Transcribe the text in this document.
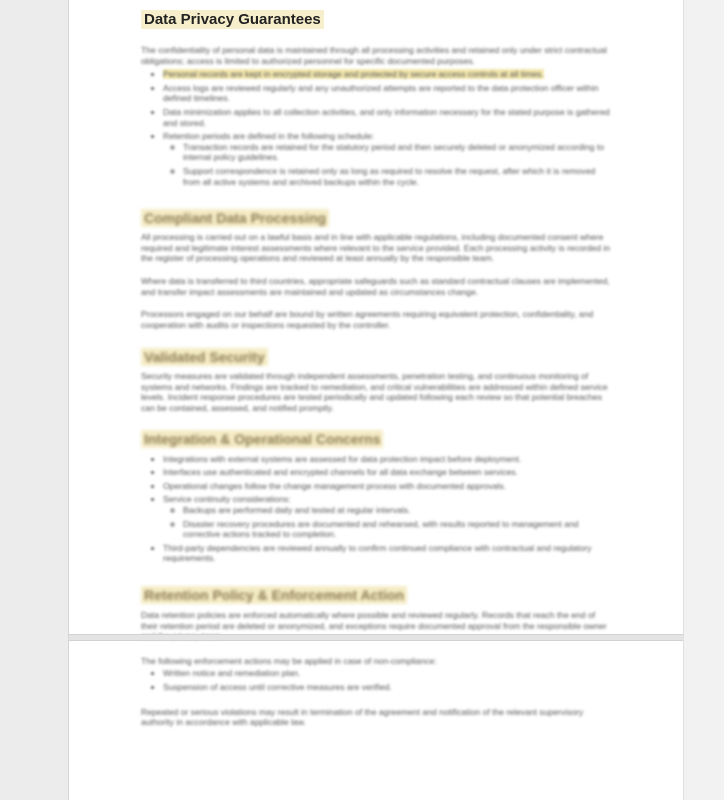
Data Privacy Guarantees

The confidentiality of personal data is maintained through all processing activities and retained only under strict contractual obligations; access is limited to authorized personnel for specific documented purposes.

• Personal records are kept in encrypted storage and protected by secure access controls at all times.
• Access logs are reviewed regularly and any unauthorized attempts are reported to the data protection officer within defined timelines.
• Data minimization applies to all collection activities, and only information necessary for the stated purpose is gathered and stored.
• Retention periods are defined in the following schedule:
◦ Transaction records are retained for the statutory period and then securely deleted or anonymized according to internal policy guidelines.
◦ Support correspondence is retained only as long as required to resolve the request, after which it is removed from all active systems and archived backups within the cycle.
Compliant Data Processing

All processing is carried out on a lawful basis and in line with applicable regulations, including documented consent where required and legitimate interest assessments where relevant to the service provided. Each processing activity is recorded in the register of processing operations and reviewed at least annually by the responsible team.

Where data is transferred to third countries, appropriate safeguards such as standard contractual clauses are implemented, and transfer impact assessments are maintained and updated as circumstances change.

Processors engaged on our behalf are bound by written agreements requiring equivalent protection, confidentiality, and cooperation with audits or inspections requested by the controller.

Validated Security

Security measures are validated through independent assessments, penetration testing, and continuous monitoring of systems and networks. Findings are tracked to remediation, and critical vulnerabilities are addressed within defined service levels. Incident response procedures are tested periodically and updated following each review so that potential breaches can be contained, assessed, and notified promptly.

Integration & Operational Concerns
• Integrations with external systems are assessed for data protection impact before deployment.
• Interfaces use authenticated and encrypted channels for all data exchange between services.
• Operational changes follow the change management process with documented approvals.
• Service continuity considerations:
◦ Backups are performed daily and tested at regular intervals.
◦ Disaster recovery procedures are documented and rehearsed, with results reported to management and corrective actions tracked to completion.
• Third-party dependencies are reviewed annually to confirm continued compliance with contractual and regulatory requirements.
Retention Policy & Enforcement Action

Data retention policies are enforced automatically where possible and reviewed regularly. Records that reach the end of their retention period are deleted or anonymized, and exceptions require documented approval from the responsible owner

The following enforcement actions may be applied in case of non-compliance:

• Written notice and remediation plan.
• Suspension of access until corrective measures are verified.

Repeated or serious violations may result in termination of the agreement and notification of the relevant supervisory authority in accordance with applicable law.
